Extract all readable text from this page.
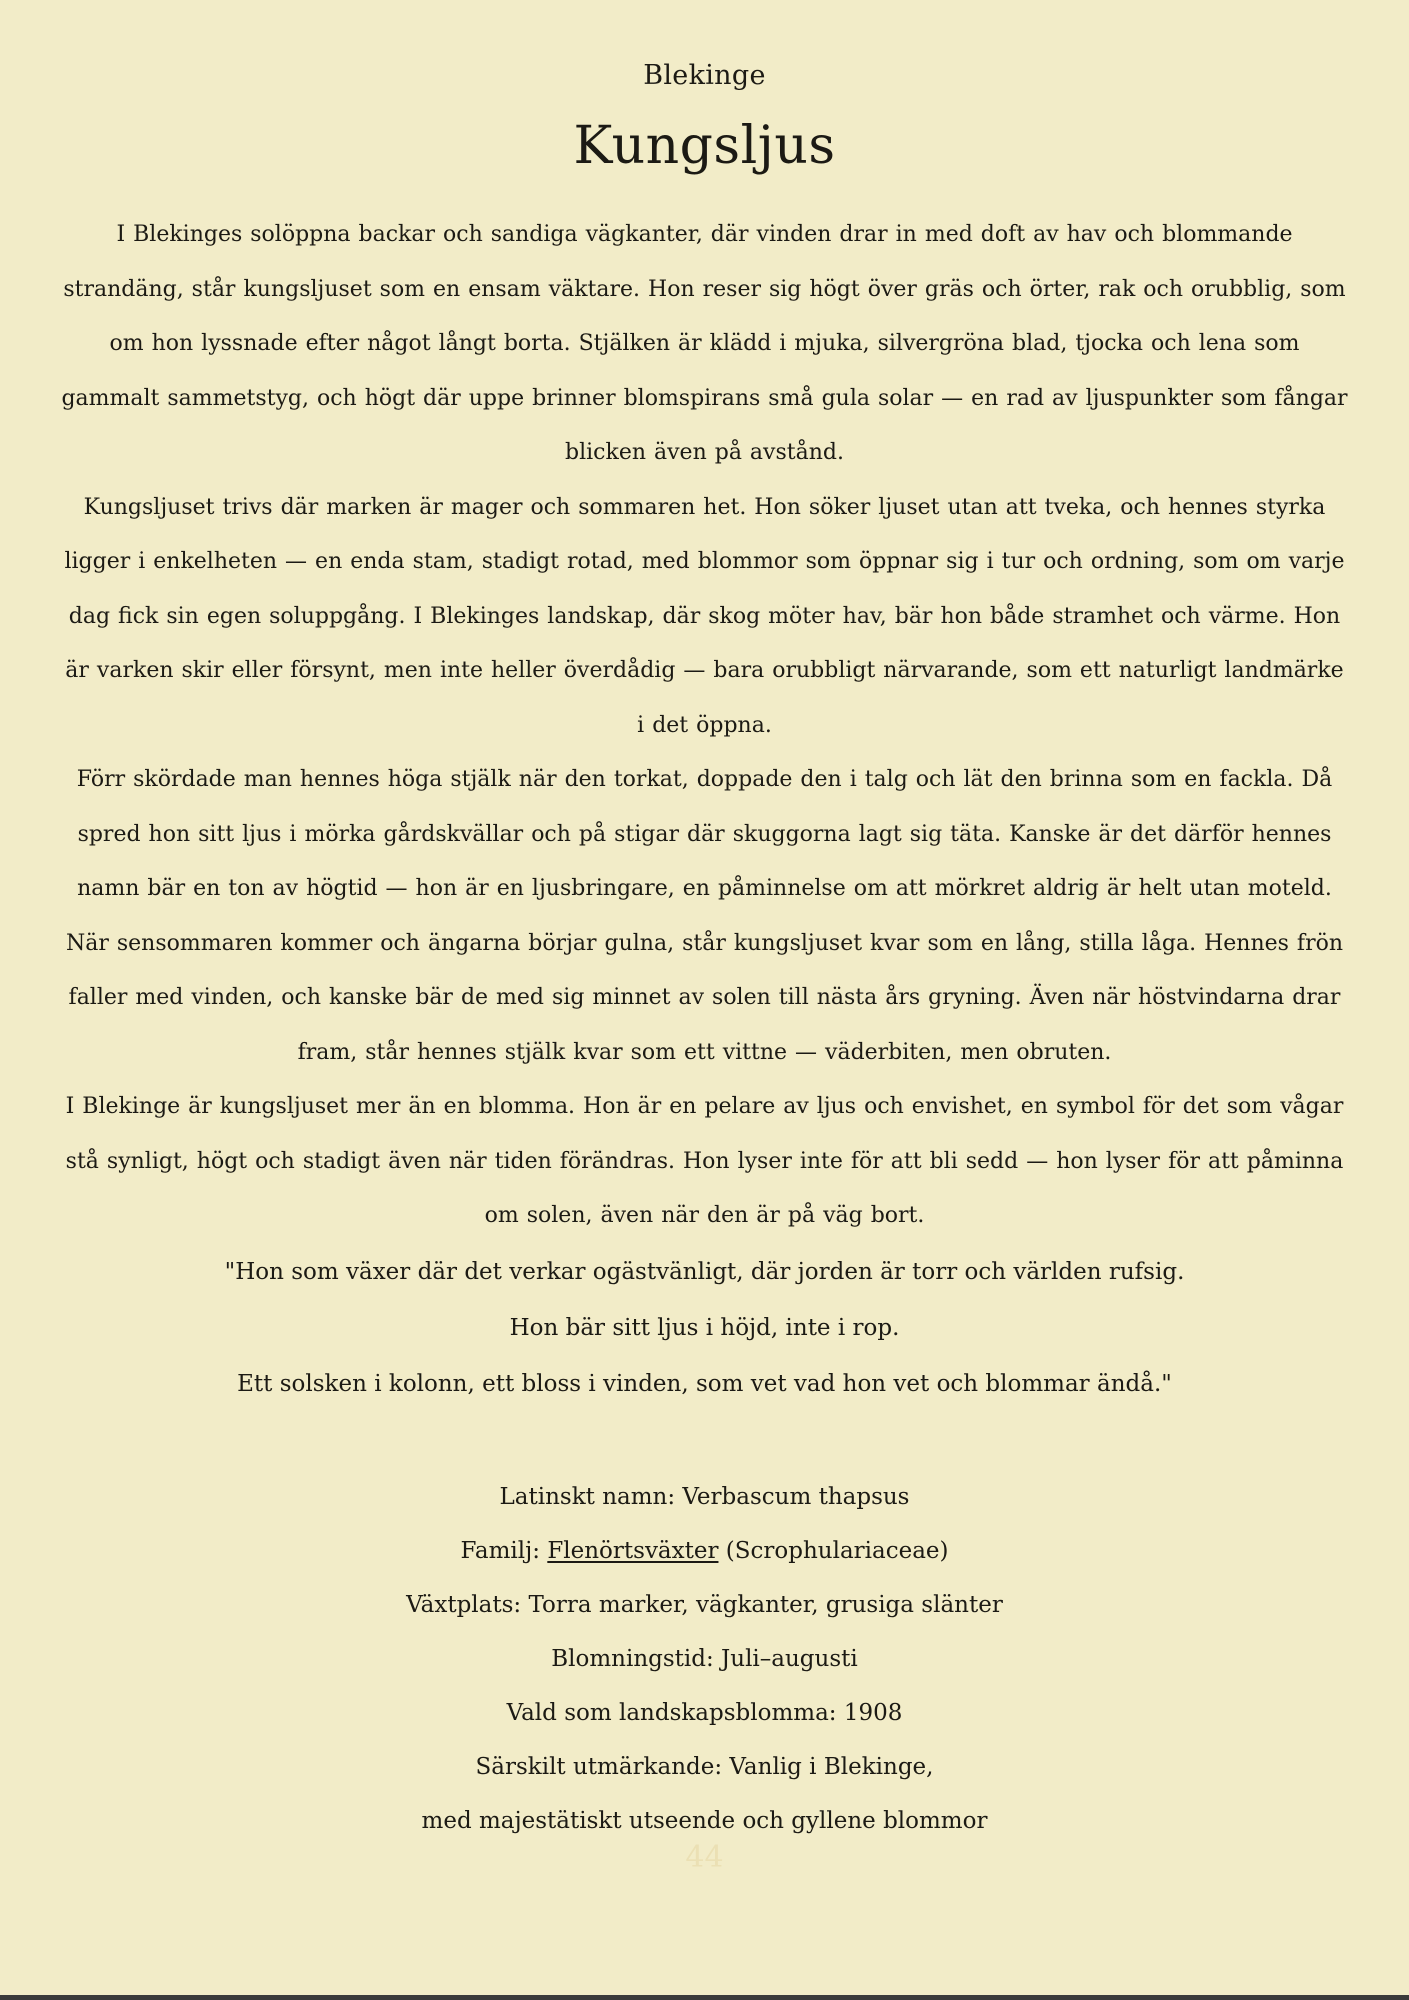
Blekinge
Kungsljus

I Blekinges solöppna backar och sandiga vägkanter, där vinden drar in med doft av hav och blommande strandäng, står kungsljuset som en ensam väktare. Hon reser sig högt över gräs och örter, rak och orubblig, som om hon lyssnade efter något långt borta. Stjälken är klädd i mjuka, silvergröna blad, tjocka och lena som gammalt sammetstyg, och högt där uppe brinner blomspirans små gula solar — en rad av ljuspunkter som fångar blicken även på avstånd.

Kungsljuset trivs där marken är mager och sommaren het. Hon söker ljuset utan att tveka, och hennes styrka ligger i enkelheten — en enda stam, stadigt rotad, med blommor som öppnar sig i tur och ordning, som om varje dag fick sin egen soluppgång. I Blekinges landskap, där skog möter hav, bär hon både stramhet och värme. Hon är varken skir eller försynt, men inte heller överdådig — bara orubbligt närvarande, som ett naturligt landmärke i det öppna.

Förr skördade man hennes höga stjälk när den torkat, doppade den i talg och lät den brinna som en fackla. Då spred hon sitt ljus i mörka gårdskvällar och på stigar där skuggorna lagt sig täta. Kanske är det därför hennes namn bär en ton av högtid — hon är en ljusbringare, en påminnelse om att mörkret aldrig är helt utan moteld.

När sensommaren kommer och ängarna börjar gulna, står kungsljuset kvar som en lång, stilla låga. Hennes frön faller med vinden, och kanske bär de med sig minnet av solen till nästa års gryning. Även när höstvindarna drar fram, står hennes stjälk kvar som ett vittne — väderbiten, men obruten.

I Blekinge är kungsljuset mer än en blomma. Hon är en pelare av ljus och envishet, en symbol för det som vågar stå synligt, högt och stadigt även när tiden förändras. Hon lyser inte för att bli sedd — hon lyser för att påminna om solen, även när den är på väg bort.

"Hon som växer där det verkar ogästvänligt, där jorden är torr och världen rufsig.
Hon bär sitt ljus i höjd, inte i rop.
Ett solsken i kolonn, ett bloss i vinden, som vet vad hon vet och blommar ändå."
Latinskt namn: Verbascum thapsus
Familj: Flenörtsväxter (Scrophulariaceae)
Växtplats: Torra marker, vägkanter, grusiga slänter
Blomningstid: Juli–augusti
Vald som landskapsblomma: 1908
Särskilt utmärkande: Vanlig i Blekinge,
med majestätiskt utseende och gyllene blommor
44
